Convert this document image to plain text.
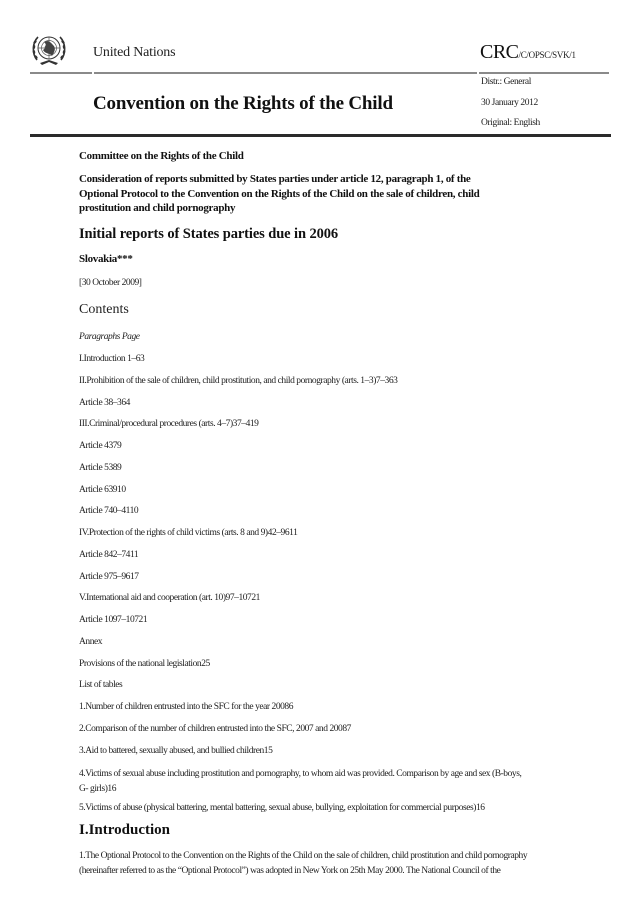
United Nations	CRC/C/OPSC/SVK/1
Convention on the Rights of the Child
Distr.: General
30 January 2012
Original: English
Committee on the Rights of the Child
Consideration of reports submitted by States parties under article 12, paragraph 1, of the
Optional Protocol to the Convention on the Rights of the Child on the sale of children, child
prostitution and child pornography
Initial reports of States parties due in 2006
Slovakia***
[30 October 2009]
Contents
Paragraphs Page
I.Introduction 1–63
II.Prohibition of the sale of children, child prostitution, and child pornography (arts. 1–3)7–363
Article 38–364
III.Criminal/procedural procedures (arts. 4–7)37–419
Article 4379
Article 5389
Article 63910
Article 740–4110
IV.Protection of the rights of child victims (arts. 8 and 9)42–9611
Article 842–7411
Article 975–9617
V.International aid and cooperation (art. 10)97–10721
Article 1097–10721
Annex
Provisions of the national legislation25
List of tables
1.Number of children entrusted into the SFC for the year 20086
2.Comparison of the number of children entrusted into the SFC, 2007 and 20087
3.Aid to battered, sexually abused, and bullied children15
4.Victims of sexual abuse including prostitution and pornography, to whom aid was provided. Comparison by age and sex (B-boys,
G- girls)16
5.Victims of abuse (physical battering, mental battering, sexual abuse, bullying, exploitation for commercial purposes)16
I.Introduction
1.The Optional Protocol to the Convention on the Rights of the Child on the sale of children, child prostitution and child pornography
(hereinafter referred to as the “Optional Protocol”) was adopted in New York on 25th May 2000. The National Council of the
